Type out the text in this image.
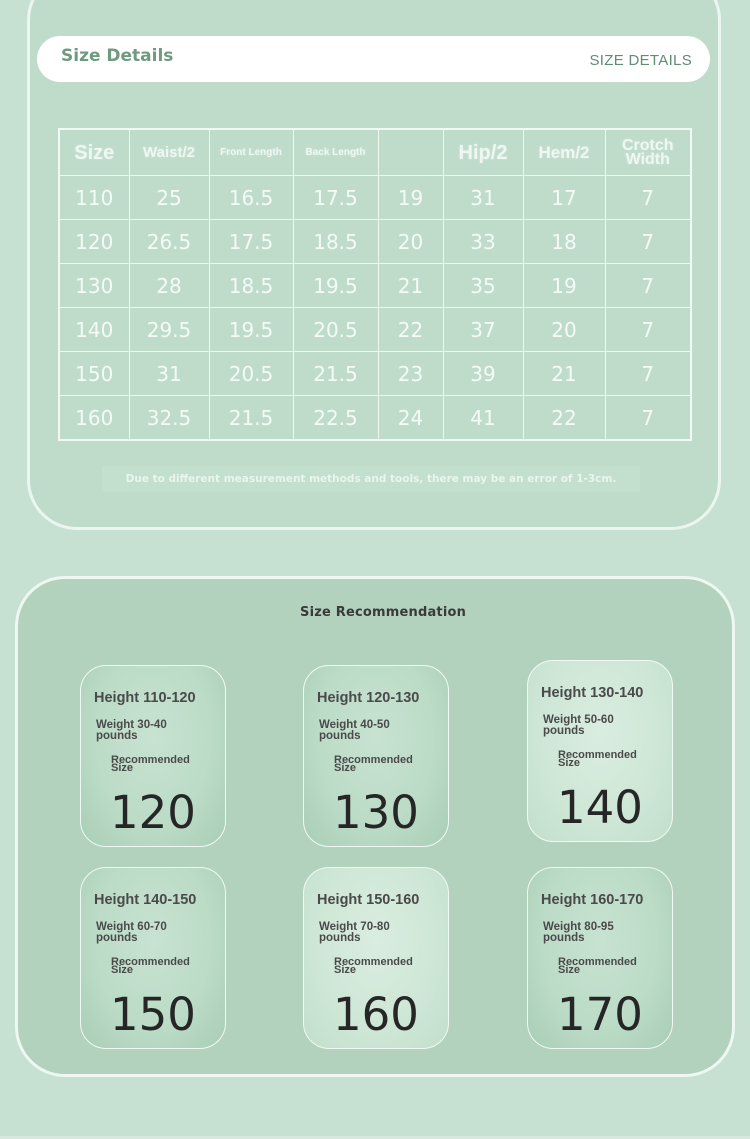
Size Details	SIZE DETAILS
Size	Waist/2	Front Length	Back Length		Hip/2	Hem/2	Crotch Width
110	25	16.5	17.5	19	31	17	7
120	26.5	17.5	18.5	20	33	18	7
130	28	18.5	19.5	21	35	19	7
140	29.5	19.5	20.5	22	37	20	7
150	31	20.5	21.5	23	39	21	7
160	32.5	21.5	22.5	24	41	22	7
Due to different measurement methods and tools, there may be an error of 1-3cm.
Size Recommendation
Height 110-120
Weight 30-40 pounds
Recommended Size
120
Height 120-130
Weight 40-50 pounds
Recommended Size
130
Height 130-140
Weight 50-60 pounds
Recommended Size
140
Height 140-150
Weight 60-70 pounds
Recommended Size
150
Height 150-160
Weight 70-80 pounds
Recommended Size
160
Height 160-170
Weight 80-95 pounds
Recommended Size
170
